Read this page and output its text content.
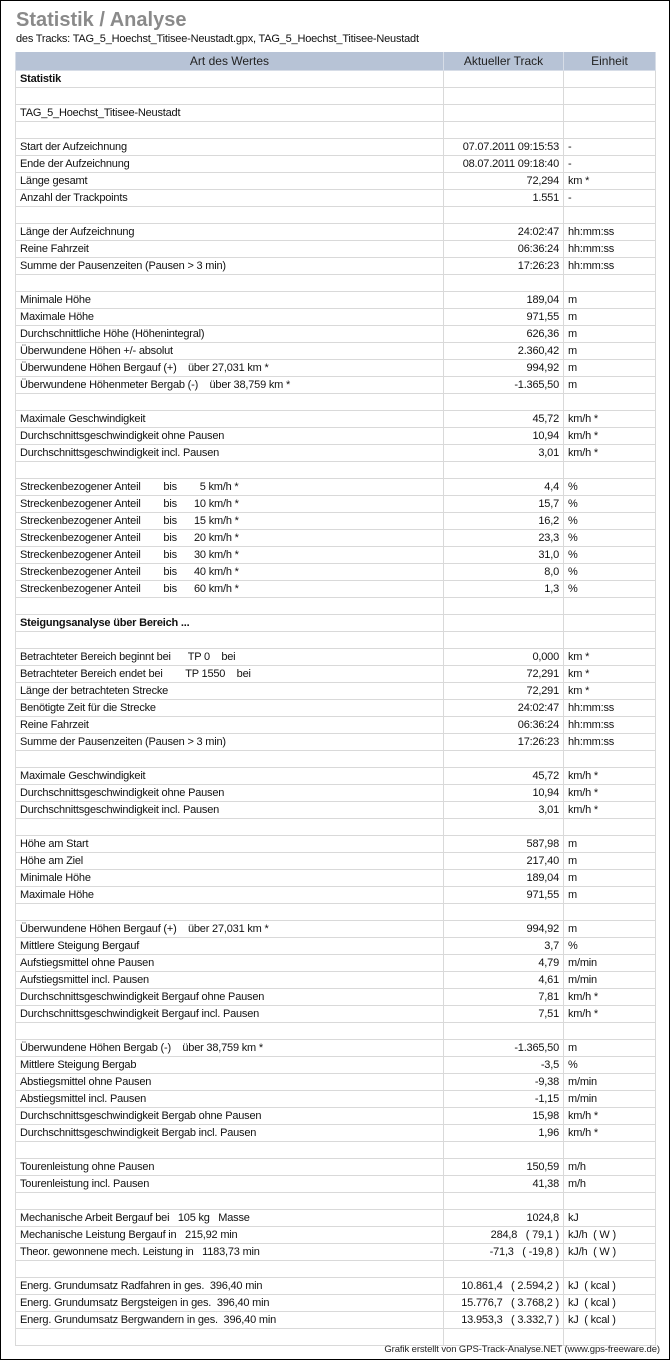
Statistik / Analyse
des Tracks: TAG_5_Hoechst_Titisee-Neustadt.gpx, TAG_5_Hoechst_Titisee-Neustadt
Art des Wertes	Aktueller Track	Einheit
Statistik		

TAG_5_Hoechst_Titisee-Neustadt		

Start der Aufzeichnung	07.07.2011 09:15:53	-
Ende der Aufzeichnung	08.07.2011 09:18:40	-
Länge gesamt	72,294	km *
Anzahl der Trackpoints	1.551	-

Länge der Aufzeichnung	24:02:47	hh:mm:ss
Reine Fahrzeit	06:36:24	hh:mm:ss
Summe der Pausenzeiten (Pausen > 3 min)	17:26:23	hh:mm:ss

Minimale Höhe	189,04	m
Maximale Höhe	971,55	m
Durchschnittliche Höhe (Höhenintegral)	626,36	m
Überwundene Höhen +/- absolut	2.360,42	m
Überwundene Höhen Bergauf (+)    über 27,031 km *	994,92	m
Überwundene Höhenmeter Bergab (-)    über 38,759 km *	-1.365,50	m

Maximale Geschwindigkeit	45,72	km/h *
Durchschnittsgeschwindigkeit ohne Pausen	10,94	km/h *
Durchschnittsgeschwindigkeit incl. Pausen	3,01	km/h *

Streckenbezogener Anteil        bis        5 km/h *	4,4	%
Streckenbezogener Anteil        bis      10 km/h *	15,7	%
Streckenbezogener Anteil        bis      15 km/h *	16,2	%
Streckenbezogener Anteil        bis      20 km/h *	23,3	%
Streckenbezogener Anteil        bis      30 km/h *	31,0	%
Streckenbezogener Anteil        bis      40 km/h *	8,0	%
Streckenbezogener Anteil        bis      60 km/h *	1,3	%

Steigungsanalyse über Bereich ...		

Betrachteter Bereich beginnt bei      TP 0    bei	0,000	km *
Betrachteter Bereich endet bei        TP 1550    bei	72,291	km *
Länge der betrachteten Strecke	72,291	km *
Benötigte Zeit für die Strecke	24:02:47	hh:mm:ss
Reine Fahrzeit	06:36:24	hh:mm:ss
Summe der Pausenzeiten (Pausen > 3 min)	17:26:23	hh:mm:ss

Maximale Geschwindigkeit	45,72	km/h *
Durchschnittsgeschwindigkeit ohne Pausen	10,94	km/h *
Durchschnittsgeschwindigkeit incl. Pausen	3,01	km/h *

Höhe am Start	587,98	m
Höhe am Ziel	217,40	m
Minimale Höhe	189,04	m
Maximale Höhe	971,55	m

Überwundene Höhen Bergauf (+)    über 27,031 km *	994,92	m
Mittlere Steigung Bergauf	3,7	%
Aufstiegsmittel ohne Pausen	4,79	m/min
Aufstiegsmittel incl. Pausen	4,61	m/min
Durchschnittsgeschwindigkeit Bergauf ohne Pausen	7,81	km/h *
Durchschnittsgeschwindigkeit Bergauf incl. Pausen	7,51	km/h *

Überwundene Höhen Bergab (-)    über 38,759 km *	-1.365,50	m
Mittlere Steigung Bergab	-3,5	%
Abstiegsmittel ohne Pausen	-9,38	m/min
Abstiegsmittel incl. Pausen	-1,15	m/min
Durchschnittsgeschwindigkeit Bergab ohne Pausen	15,98	km/h *
Durchschnittsgeschwindigkeit Bergab incl. Pausen	1,96	km/h *

Tourenleistung ohne Pausen	150,59	m/h
Tourenleistung incl. Pausen	41,38	m/h

Mechanische Arbeit Bergauf bei   105 kg   Masse	1024,8	kJ
Mechanische Leistung Bergauf in   215,92 min	284,8   ( 79,1 )	kJ/h  ( W )
Theor. gewonnene mech. Leistung in   1183,73 min	-71,3   ( -19,8 )	kJ/h  ( W )

Energ. Grundumsatz Radfahren in ges.  396,40 min	10.861,4   ( 2.594,2 )	kJ  ( kcal )
Energ. Grundumsatz Bergsteigen in ges.  396,40 min	15.776,7   ( 3.768,2 )	kJ  ( kcal )
Energ. Grundumsatz Bergwandern in ges.  396,40 min	13.953,3   ( 3.332,7 )	kJ  ( kcal )

Grafik erstellt von GPS-Track-Analyse.NET (www.gps-freeware.de)
